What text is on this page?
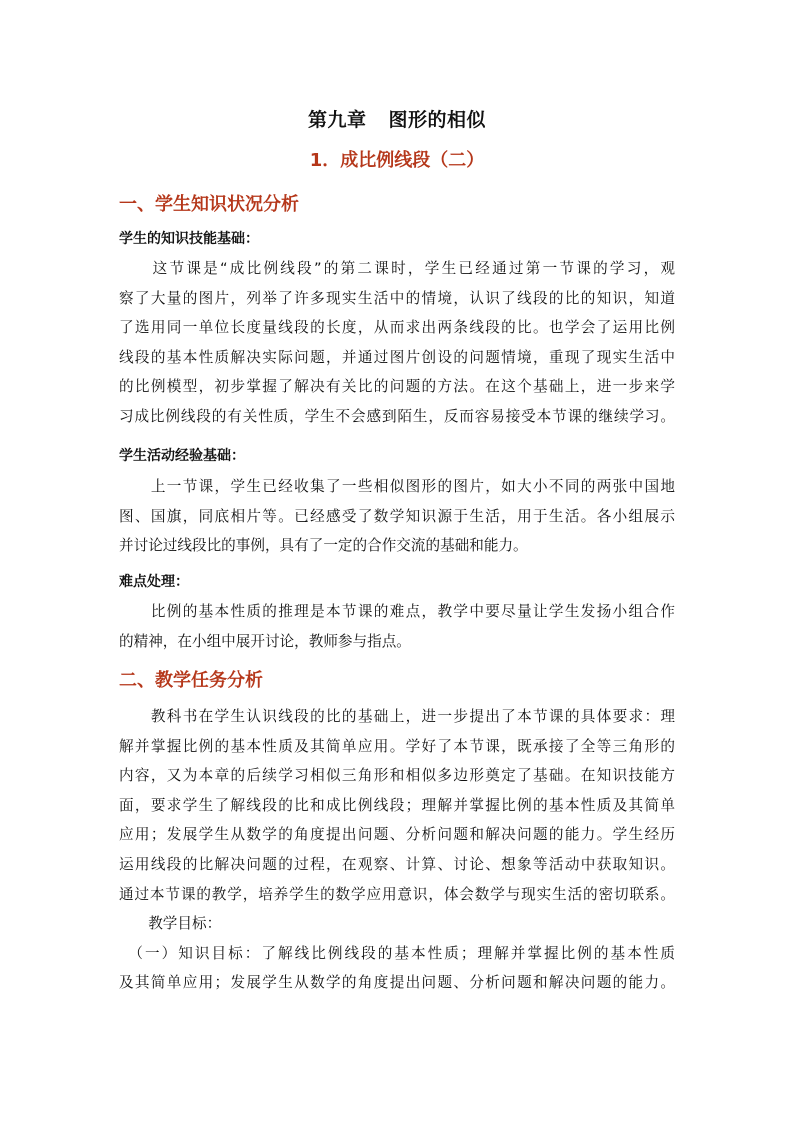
第九章 图形的相似
1．成比例线段（二）
一、学生知识状况分析
学生的知识技能基础：
　　这节课是“成比例线段”的第二课时，学生已经通过第一节课的学习，观
察了大量的图片，列举了许多现实生活中的情境，认识了线段的比的知识，知道
了选用同一单位长度量线段的长度，从而求出两条线段的比。也学会了运用比例
线段的基本性质解决实际问题，并通过图片创设的问题情境，重现了现实生活中
的比例模型，初步掌握了解决有关比的问题的方法。在这个基础上，进一步来学
习成比例线段的有关性质，学生不会感到陌生，反而容易接受本节课的继续学习。
学生活动经验基础：
　　上一节课，学生已经收集了一些相似图形的图片，如大小不同的两张中国地
图、国旗，同底相片等。已经感受了数学知识源于生活，用于生活。各小组展示
并讨论过线段比的事例，具有了一定的合作交流的基础和能力。
难点处理：
　　比例的基本性质的推理是本节课的难点，教学中要尽量让学生发扬小组合作
的精神，在小组中展开讨论，教师参与指点。
二、教学任务分析
　　教科书在学生认识线段的比的基础上，进一步提出了本节课的具体要求：理
解并掌握比例的基本性质及其简单应用。学好了本节课，既承接了全等三角形的
内容，又为本章的后续学习相似三角形和相似多边形奠定了基础。在知识技能方
面，要求学生了解线段的比和成比例线段；理解并掌握比例的基本性质及其简单
应用；发展学生从数学的角度提出问题、分析问题和解决问题的能力。学生经历
运用线段的比解决问题的过程，在观察、计算、讨论、想象等活动中获取知识。
通过本节课的教学，培养学生的数学应用意识，体会数学与现实生活的密切联系。
　　教学目标：
　（一）知识目标：了解线比例线段的基本性质；理解并掌握比例的基本性质
及其简单应用；发展学生从数学的角度提出问题、分析问题和解决问题的能力。
